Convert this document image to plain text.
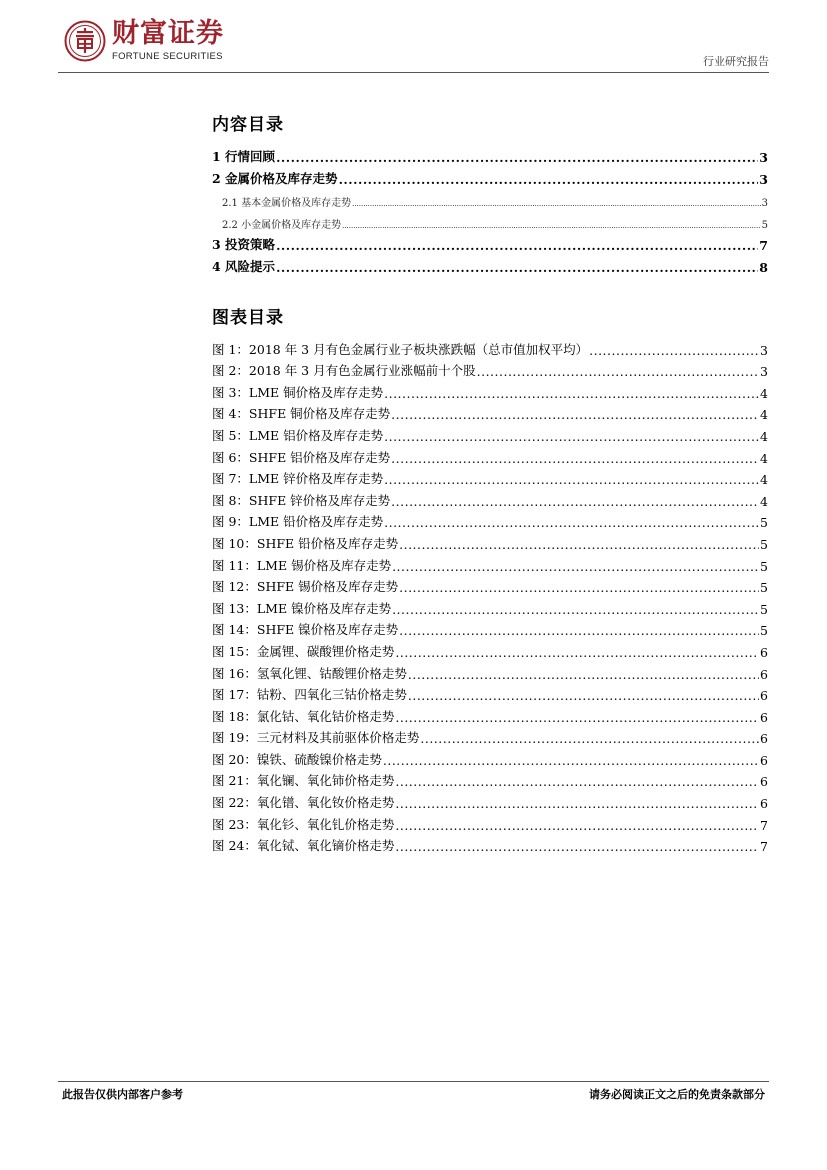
财富证券
FORTUNE SECURITIES	行业研究报告
内容目录
1 行情回顾 .....	3
2 金属价格及库存走势 .....	3
2.1 基本金属价格及库存走势 .....	3
2.2 小金属价格及库存走势 .....	5
3 投资策略 .....	7
4 风险提示 .....	8
图表目录
图 1：2018 年 3 月有色金属行业子板块涨跌幅（总市值加权平均） .....	3
图 2：2018 年 3 月有色金属行业涨幅前十个股 .....	3
图 3：LME 铜价格及库存走势 .....	4
图 4：SHFE 铜价格及库存走势 .....	4
图 5：LME 铝价格及库存走势 .....	4
图 6：SHFE 铝价格及库存走势 .....	4
图 7：LME 锌价格及库存走势 .....	4
图 8：SHFE 锌价格及库存走势 .....	4
图 9：LME 铅价格及库存走势 .....	5
图 10：SHFE 铅价格及库存走势 .....	5
图 11：LME 锡价格及库存走势 .....	5
图 12：SHFE 锡价格及库存走势 .....	5
图 13：LME 镍价格及库存走势 .....	5
图 14：SHFE 镍价格及库存走势 .....	5
图 15：金属锂、碳酸锂价格走势 .....	6
图 16：氢氧化锂、钴酸锂价格走势 .....	6
图 17：钴粉、四氧化三钴价格走势 .....	6
图 18：氯化钴、氧化钴价格走势 .....	6
图 19：三元材料及其前驱体价格走势 .....	6
图 20：镍铁、硫酸镍价格走势 .....	6
图 21：氧化镧、氧化铈价格走势 .....	6
图 22：氧化镨、氧化钕价格走势 .....	6
图 23：氧化钐、氧化钆价格走势 .....	7
图 24：氧化铽、氧化镝价格走势 .....	7
此报告仅供内部客户参考	请务必阅读正文之后的免责条款部分
